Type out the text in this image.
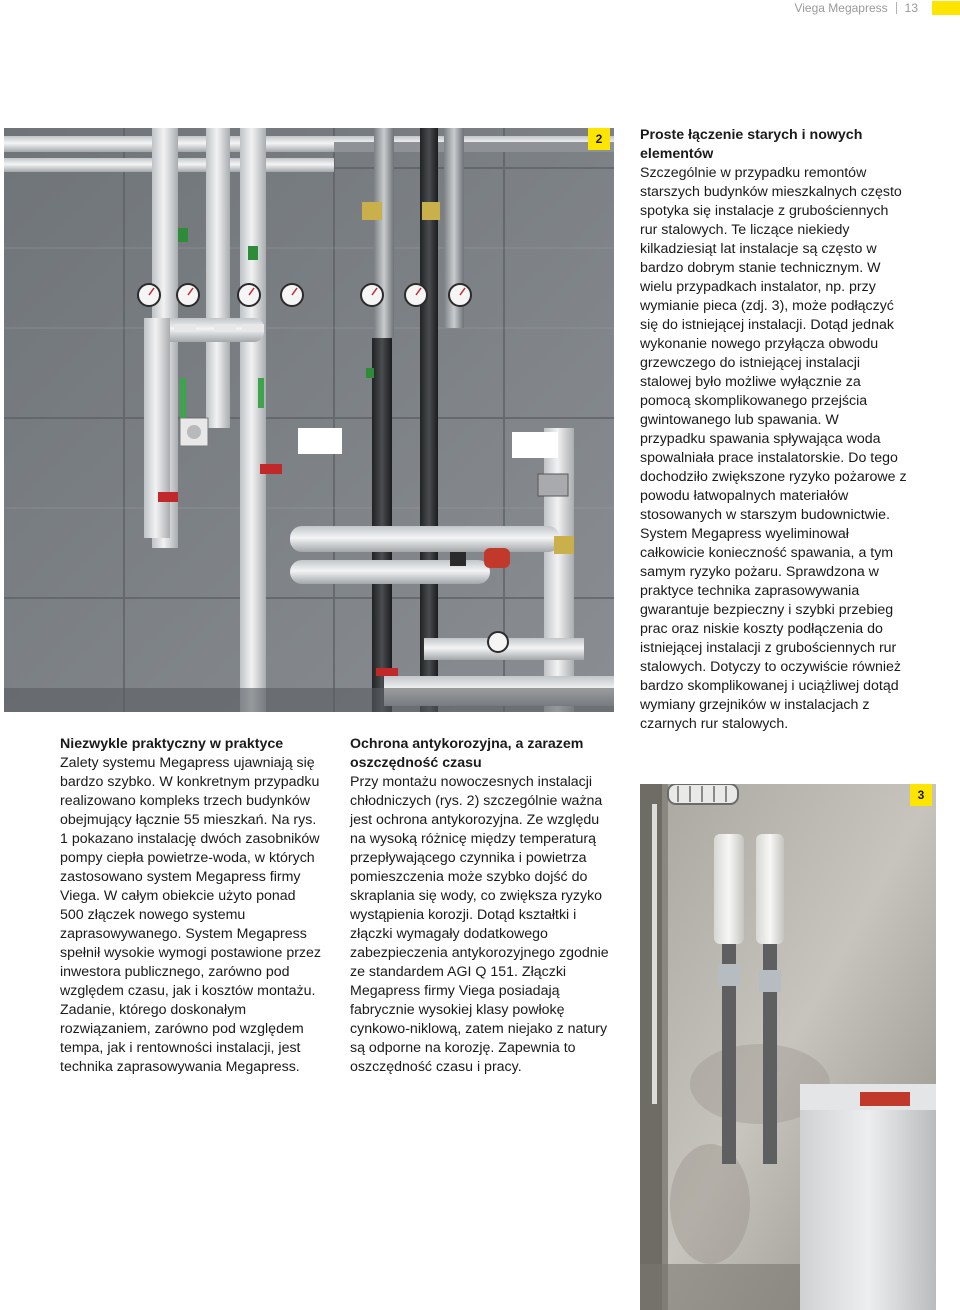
Viega Megapress 13
2
3
Niezwykle praktyczny w praktyce

Zalety systemu Megapress ujawniają się bardzo szybko. W konkretnym przypadku realizowano kompleks trzech budynków obejmujący łącznie 55 mieszkań. Na rys. 1 pokazano instalację dwóch zasobników pompy ciepła powietrze-woda, w których zastosowano system Megapress firmy Viega. W całym obiekcie użyto ponad 500 złączek nowego systemu zaprasowywanego. System Megapress spełnił wysokie wymogi postawione przez inwestora publicznego, zarówno pod względem czasu, jak i kosztów montażu. Zadanie, którego doskonałym rozwiązaniem, zarówno pod względem tempa, jak i rentowności instalacji, jest technika zaprasowywania Megapress.

Ochrona antykorozyjna, a zarazem oszczędność czasu

Przy montażu nowoczesnych instalacji chłodniczych (rys. 2) szczególnie ważna jest ochrona antykorozyjna. Ze względu na wysoką różnicę między temperaturą przepływającego czynnika i powietrza pomieszczenia może szybko dojść do skraplania się wody, co zwiększa ryzyko wystąpienia korozji. Dotąd kształtki i złączki wymagały dodatkowego zabezpieczenia antykorozyjnego zgodnie ze standardem AGI Q 151. Złączki Megapress firmy Viega posiadają fabrycznie wysokiej klasy powłokę cynkowo-niklową, zatem niejako z natury są odporne na korozję. Zapewnia to oszczędność czasu i pracy.

Proste łączenie starych i nowych elementów

Szczególnie w przypadku remontów starszych budynków mieszkalnych często spotyka się instalacje z grubościennych rur stalowych. Te liczące niekiedy kilkadziesiąt lat instalacje są często w bardzo dobrym stanie technicznym. W wielu przypadkach instalator, np. przy wymianie pieca (zdj. 3), może podłączyć się do istniejącej instalacji. Dotąd jednak wykonanie nowego przyłącza obwodu grzewczego do istniejącej instalacji stalowej było możliwe wyłącznie za pomocą skomplikowanego przejścia gwintowanego lub spawania. W przypadku spawania spływająca woda spowalniała prace instalatorskie. Do tego dochodziło zwiększone ryzyko pożarowe z powodu łatwopalnych materiałów stosowanych w starszym budownictwie. System Megapress wyeliminował całkowicie konieczność spawania, a tym samym ryzyko pożaru. Sprawdzona w praktyce technika zaprasowywania gwarantuje bezpieczny i szybki przebieg prac oraz niskie koszty podłączenia do istniejącej instalacji z grubościennych rur stalowych. Dotyczy to oczywiście również bardzo skomplikowanej i uciążliwej dotąd wymiany grzejników w instalacjach z czarnych rur stalowych.
